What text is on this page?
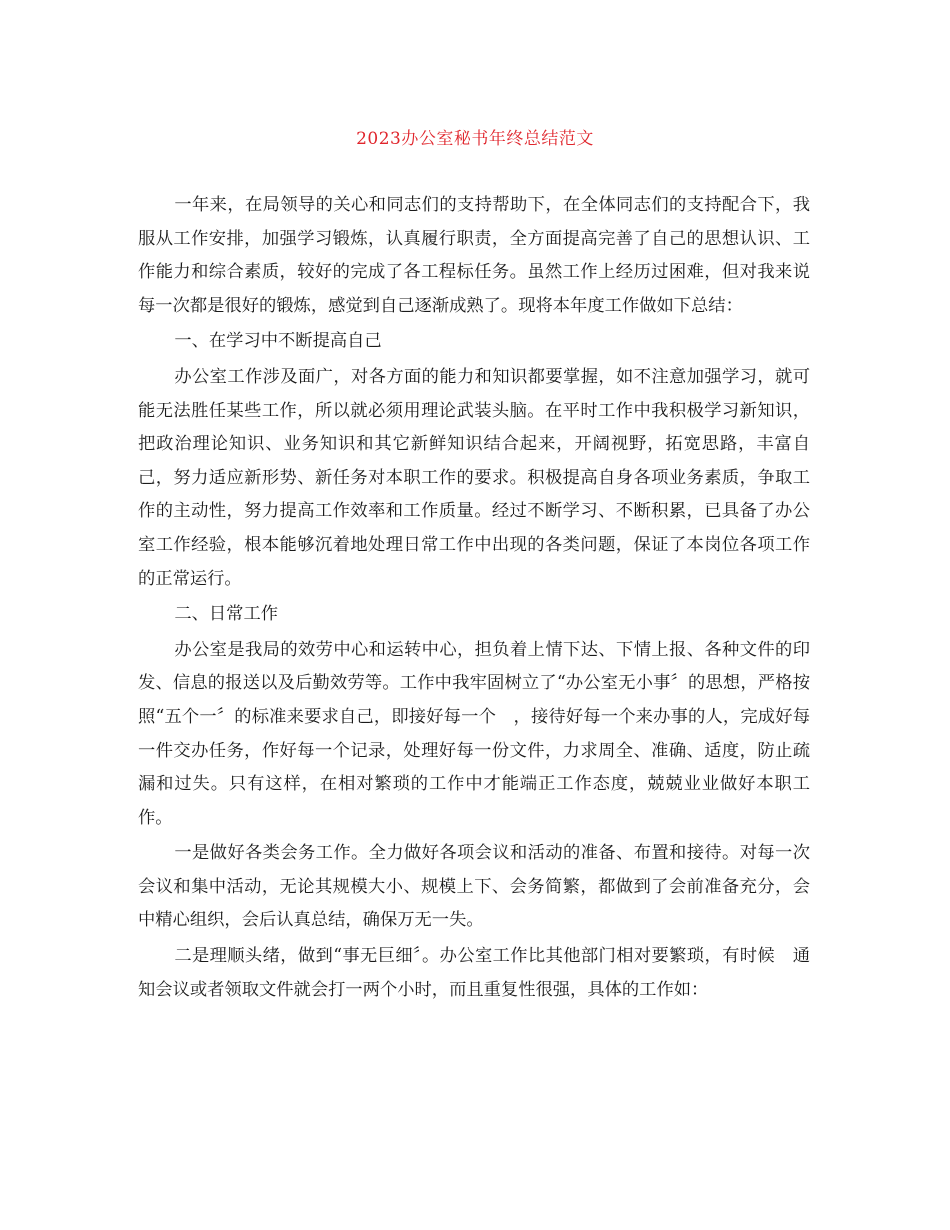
2023办公室秘书年终总结范文

一年来，在局领导的关心和同志们的支持帮助下，在全体同志们的支持配合下，我服从工作安排，加强学习锻炼，认真履行职责，全方面提高完善了自己的思想认识、工作能力和综合素质，较好的完成了各工程标任务。虽然工作上经历过困难，但对我来说每一次都是很好的锻炼，感觉到自己逐渐成熟了。现将本年度工作做如下总结：

一、在学习中不断提高自己

办公室工作涉及面广，对各方面的能力和知识都要掌握，如不注意加强学习，就可能无法胜任某些工作，所以就必须用理论武装头脑。在平时工作中我积极学习新知识，把政治理论知识、业务知识和其它新鲜知识结合起来，开阔视野，拓宽思路，丰富自己，努力适应新形势、新任务对本职工作的要求。积极提高自身各项业务素质，争取工作的主动性，努力提高工作效率和工作质量。经过不断学习、不断积累，已具备了办公室工作经验，根本能够沉着地处理日常工作中出现的各类问题，保证了本岗位各项工作的正常运行。

二、日常工作

办公室是我局的效劳中心和运转中心，担负着上情下达、下情上报、各种文件的印发、信息的报送以及后勤效劳等。工作中我牢固树立了“办公室无小事〞的思想，严格按照“五个一〞的标准来要求自己，即接好每一个　，接待好每一个来办事的人，完成好每一件交办任务，作好每一个记录，处理好每一份文件，力求周全、准确、适度，防止疏漏和过失。只有这样，在相对繁琐的工作中才能端正工作态度，兢兢业业做好本职工作。

一是做好各类会务工作。全力做好各项会议和活动的准备、布置和接待。对每一次会议和集中活动，无论其规模大小、规模上下、会务简繁，都做到了会前准备充分，会中精心组织，会后认真总结，确保万无一失。

二是理顺头绪，做到“事无巨细〞。办公室工作比其他部门相对要繁琐，有时候　通知会议或者领取文件就会打一两个小时，而且重复性很强，具体的工作如：
